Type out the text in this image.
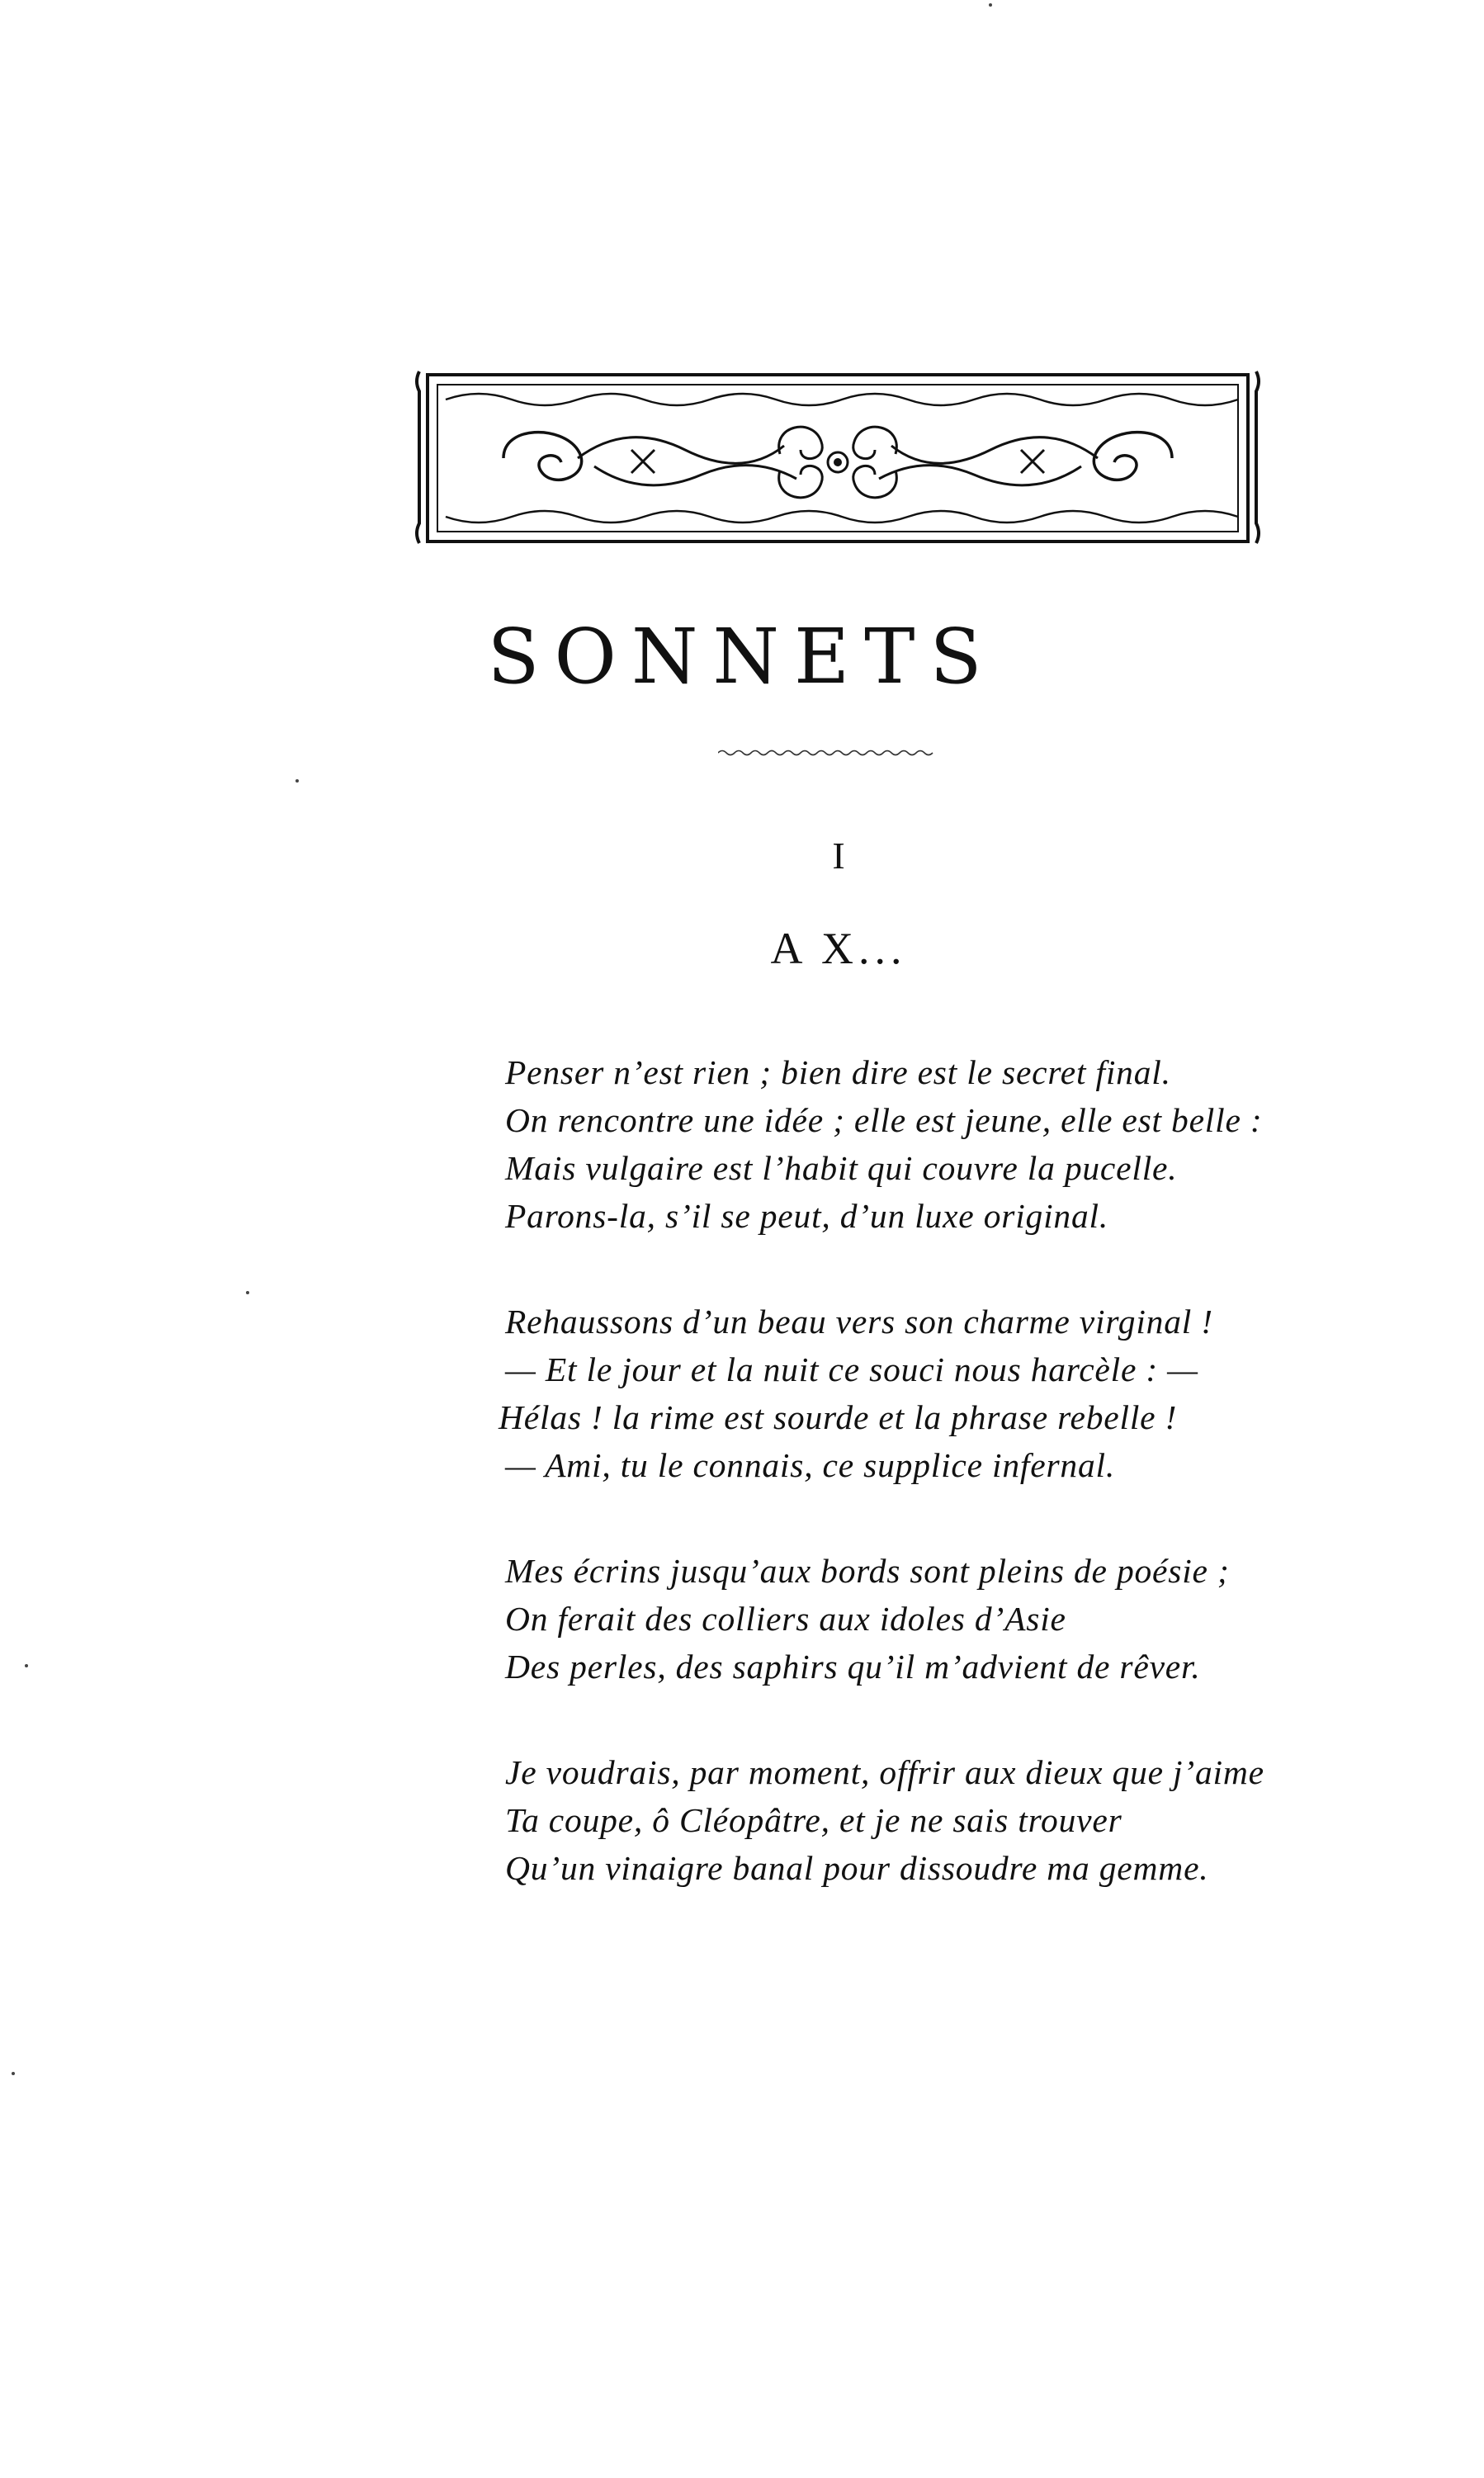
SONNETS
I
A X...
Penser n’est rien ; bien dire est le secret final.
On rencontre une idée ; elle est jeune, elle est belle :
Mais vulgaire est l’habit qui couvre la pucelle.
Parons-la, s’il se peut, d’un luxe original.
Rehaussons d’un beau vers son charme virginal !
— Et le jour et la nuit ce souci nous harcèle : —
Hélas ! la rime est sourde et la phrase rebelle !
— Ami, tu le connais, ce supplice infernal.
Mes écrins jusqu’aux bords sont pleins de poésie ;
On ferait des colliers aux idoles d’Asie
Des perles, des saphirs qu’il m’advient de rêver.
Je voudrais, par moment, offrir aux dieux que j’aime
Ta coupe, ô Cléopâtre, et je ne sais trouver
Qu’un vinaigre banal pour dissoudre ma gemme.
